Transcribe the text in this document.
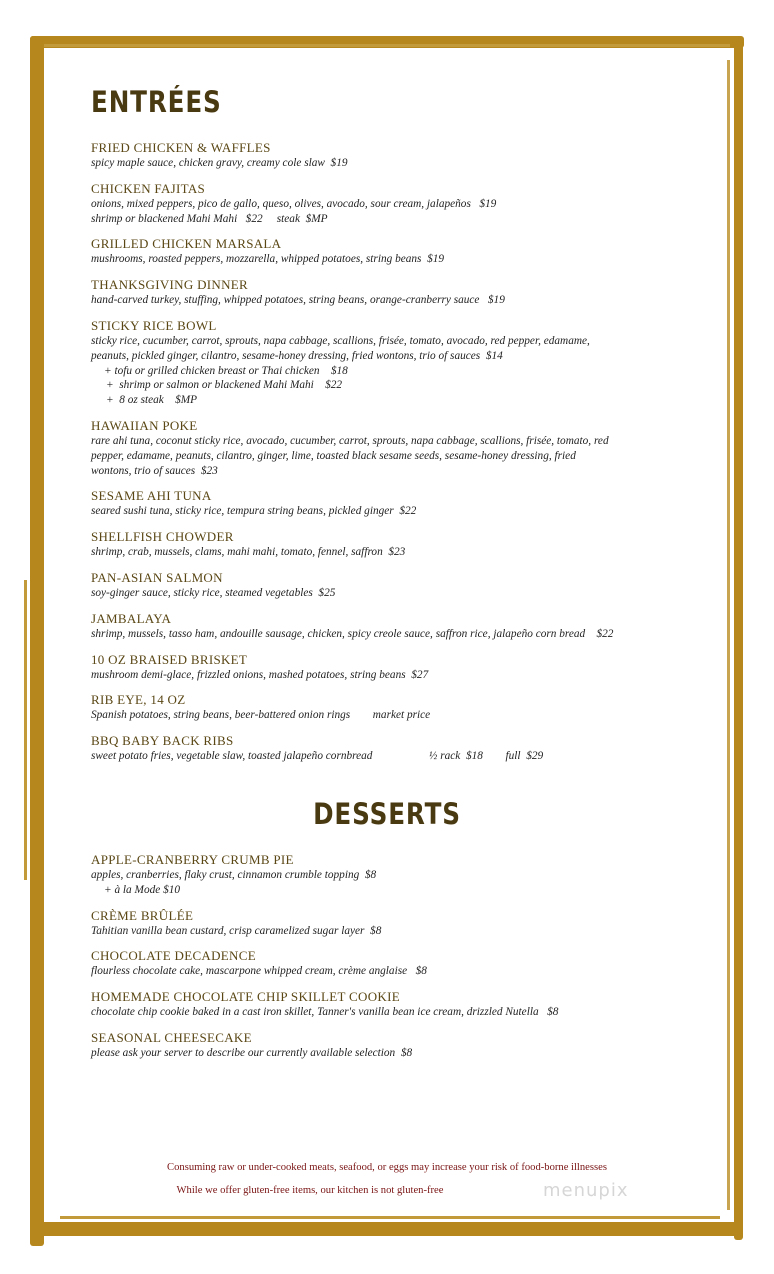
ENTRÉES
FRIED CHICKEN & WAFFLES
spicy maple sauce, chicken gravy, creamy cole slaw  $19
CHICKEN FAJITAS
onions, mixed peppers, pico de gallo, queso, olives, avocado, sour cream, jalapeños   $19
shrimp or blackened Mahi Mahi   $22     steak  $MP
GRILLED CHICKEN MARSALA
mushrooms, roasted peppers, mozzarella, whipped potatoes, string beans  $19
THANKSGIVING DINNER
hand-carved turkey, stuffing, whipped potatoes, string beans, orange-cranberry sauce   $19
STICKY RICE BOWL
sticky rice, cucumber, carrot, sprouts, napa cabbage, scallions, frisée, tomato, avocado, red pepper, edamame,
peanuts, pickled ginger, cilantro, sesame-honey dressing, fried wontons, trio of sauces  $14
+ tofu or grilled chicken breast or Thai chicken    $18
+  shrimp or salmon or blackened Mahi Mahi    $22
+  8 oz steak    $MP
HAWAIIAN POKE
rare ahi tuna, coconut sticky rice, avocado, cucumber, carrot, sprouts, napa cabbage, scallions, frisée, tomato, red
pepper, edamame, peanuts, cilantro, ginger, lime, toasted black sesame seeds, sesame-honey dressing, fried
wontons, trio of sauces  $23
SESAME AHI TUNA
seared sushi tuna, sticky rice, tempura string beans, pickled ginger  $22
SHELLFISH CHOWDER
shrimp, crab, mussels, clams, mahi mahi, tomato, fennel, saffron  $23
PAN-ASIAN SALMON
soy-ginger sauce, sticky rice, steamed vegetables  $25
JAMBALAYA
shrimp, mussels, tasso ham, andouille sausage, chicken, spicy creole sauce, saffron rice, jalapeño corn bread    $22
10 OZ BRAISED BRISKET
mushroom demi-glace, frizzled onions, mashed potatoes, string beans  $27
RIB EYE, 14 OZ
Spanish potatoes, string beans, beer-battered onion rings        market price
BBQ BABY BACK RIBS
sweet potato fries, vegetable slaw, toasted jalapeño cornbread                    ½ rack  $18        full  $29
DESSERTS
APPLE-CRANBERRY CRUMB PIE
apples, cranberries, flaky crust, cinnamon crumble topping  $8
+ à la Mode $10
CRÈME BRÛLÉE
Tahitian vanilla bean custard, crisp caramelized sugar layer  $8
CHOCOLATE DECADENCE
flourless chocolate cake, mascarpone whipped cream, crème anglaise   $8
HOMEMADE CHOCOLATE CHIP SKILLET COOKIE
chocolate chip cookie baked in a cast iron skillet, Tanner's vanilla bean ice cream, drizzled Nutella   $8
SEASONAL CHEESECAKE
please ask your server to describe our currently available selection  $8
Consuming raw or under-cooked meats, seafood, or eggs may increase your risk of food-borne illnesses
While we offer gluten-free items, our kitchen is not gluten-free	menupix
